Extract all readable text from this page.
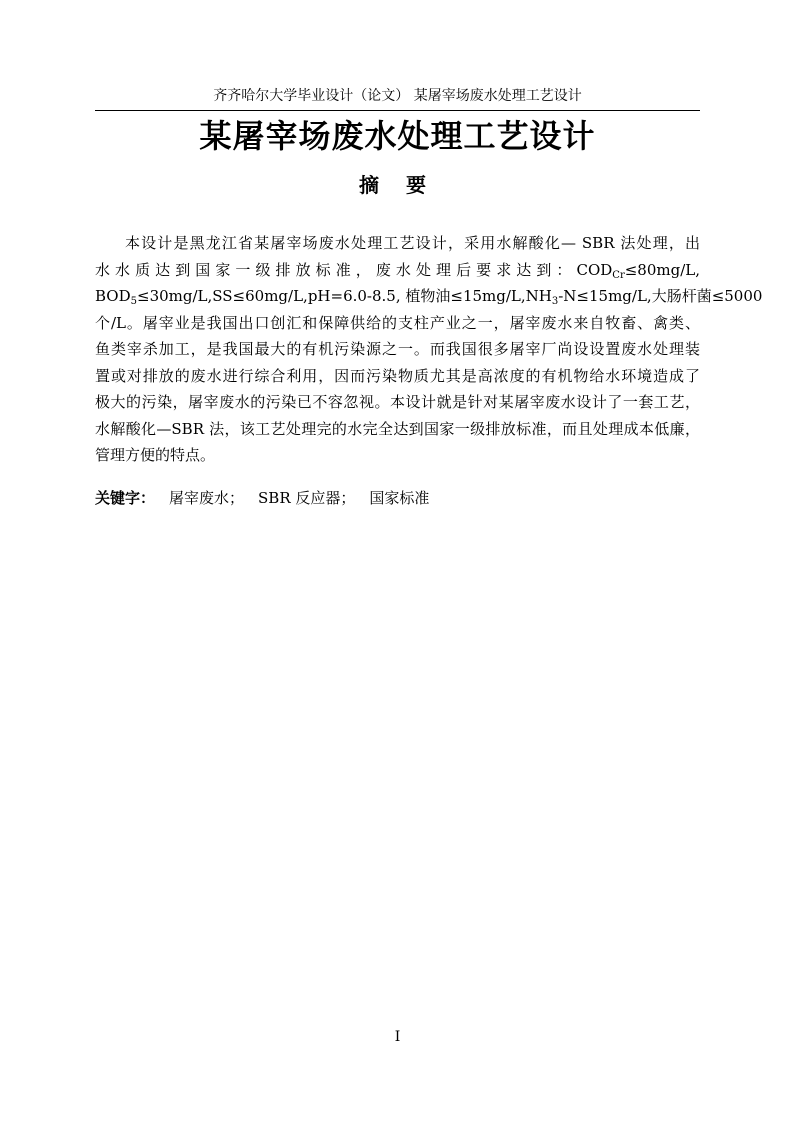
齐齐哈尔大学毕业设计（论文） 某屠宰场废水处理工艺设计
某屠宰场废水处理工艺设计
摘 要
本设计是黑龙江省某屠宰场废水处理工艺设计，采用水解酸化— SBR 法处理，出
水水质达到国家一级排放标准，废水处理后要求达到：$COD_{Cr}\le 80mg/L$,
$BOD_5\le 30mg/L,SS\le 60mg/L,pH=6.0-8.5$, 植物油$\le 15mg/L,NH_3-N\le 15mg/L$,大肠杆菌≤5000
个/L。屠宰业是我国出口创汇和保障供给的支柱产业之一，屠宰废水来自牧畜、禽类、
鱼类宰杀加工，是我国最大的有机污染源之一。而我国很多屠宰厂尚设设置废水处理装
置或对排放的废水进行综合利用，因而污染物质尤其是高浓度的有机物给水环境造成了
极大的污染，屠宰废水的污染已不容忽视。本设计就是针对某屠宰废水设计了一套工艺，
水解酸化—SBR 法，该工艺处理完的水完全达到国家一级排放标准，而且处理成本低廉，
管理方便的特点。
关键字： 屠宰废水； SBR 反应器； 国家标准
I
